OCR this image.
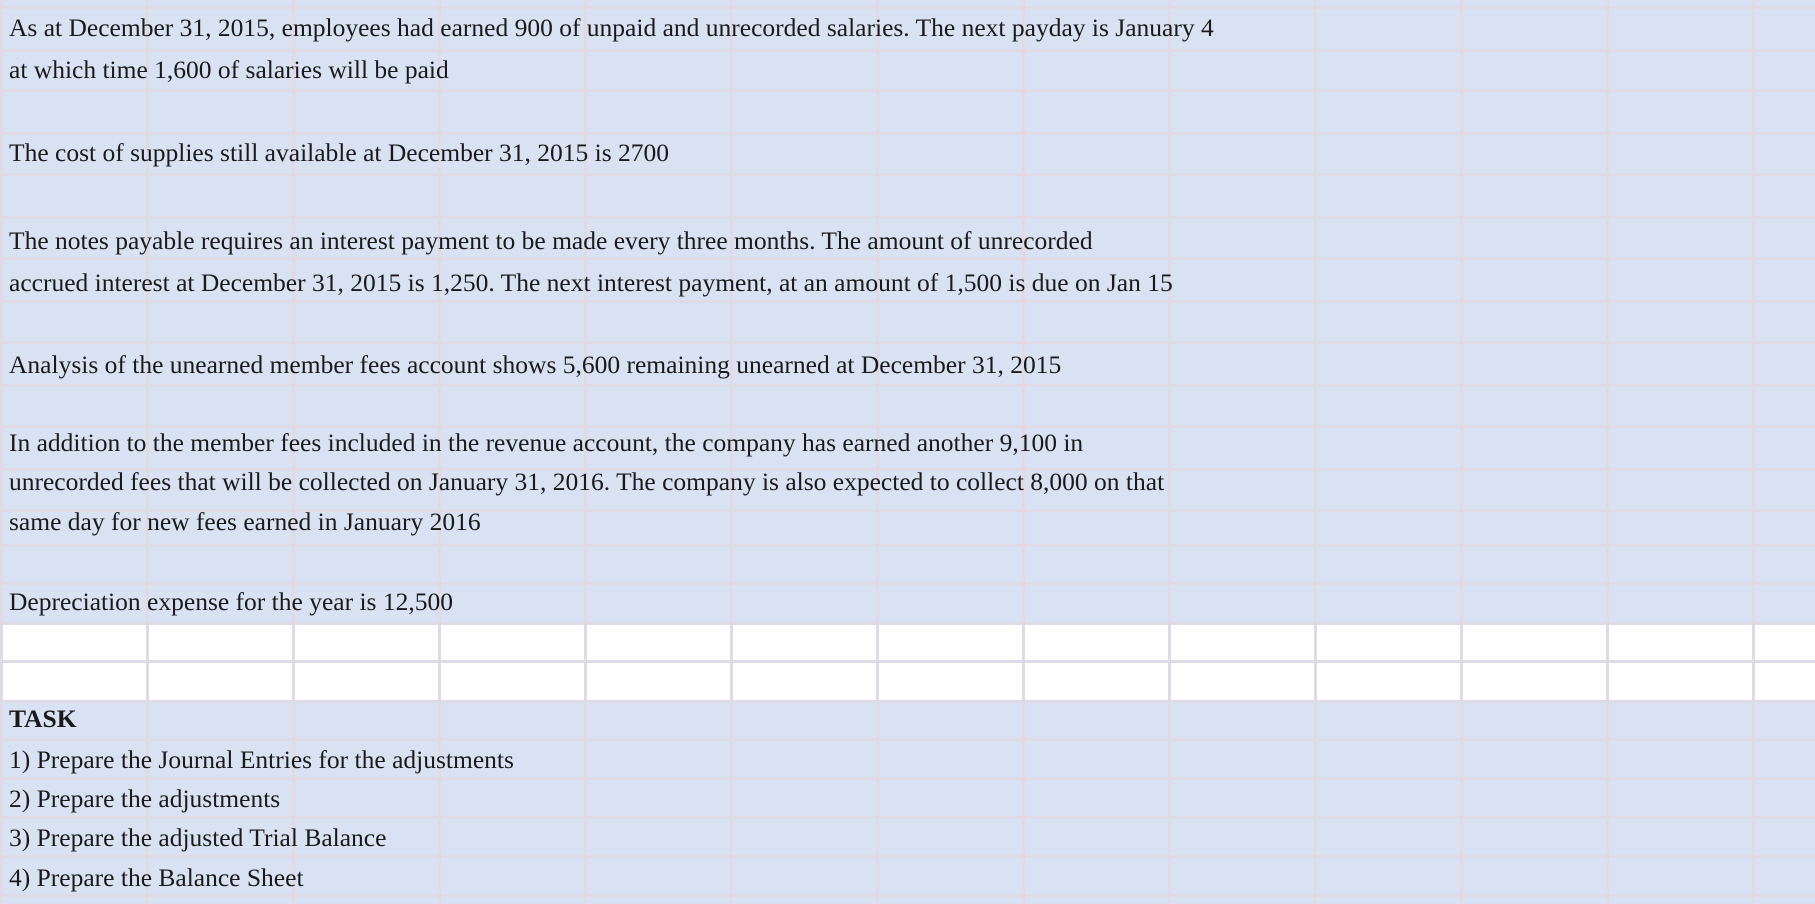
As at December 31, 2015, employees had earned 900 of unpaid and unrecorded salaries. The next payday is January 4
at which time 1,600 of salaries will be paid
The cost of supplies still available at December 31, 2015 is 2700
The notes payable requires an interest payment to be made every three months. The amount of unrecorded
accrued interest at December 31, 2015 is 1,250. The next interest payment, at an amount of 1,500 is due on Jan 15
Analysis of the unearned member fees account shows 5,600 remaining unearned at December 31, 2015
In addition to the member fees included in the revenue account, the company has earned another 9,100 in
unrecorded fees that will be collected on January 31, 2016. The company is also expected to collect 8,000 on that
same day for new fees earned in January 2016
Depreciation expense for the year is 12,500
TASK
1) Prepare the Journal Entries for the adjustments
2) Prepare the adjustments
3) Prepare the adjusted Trial Balance
4) Prepare the Balance Sheet
